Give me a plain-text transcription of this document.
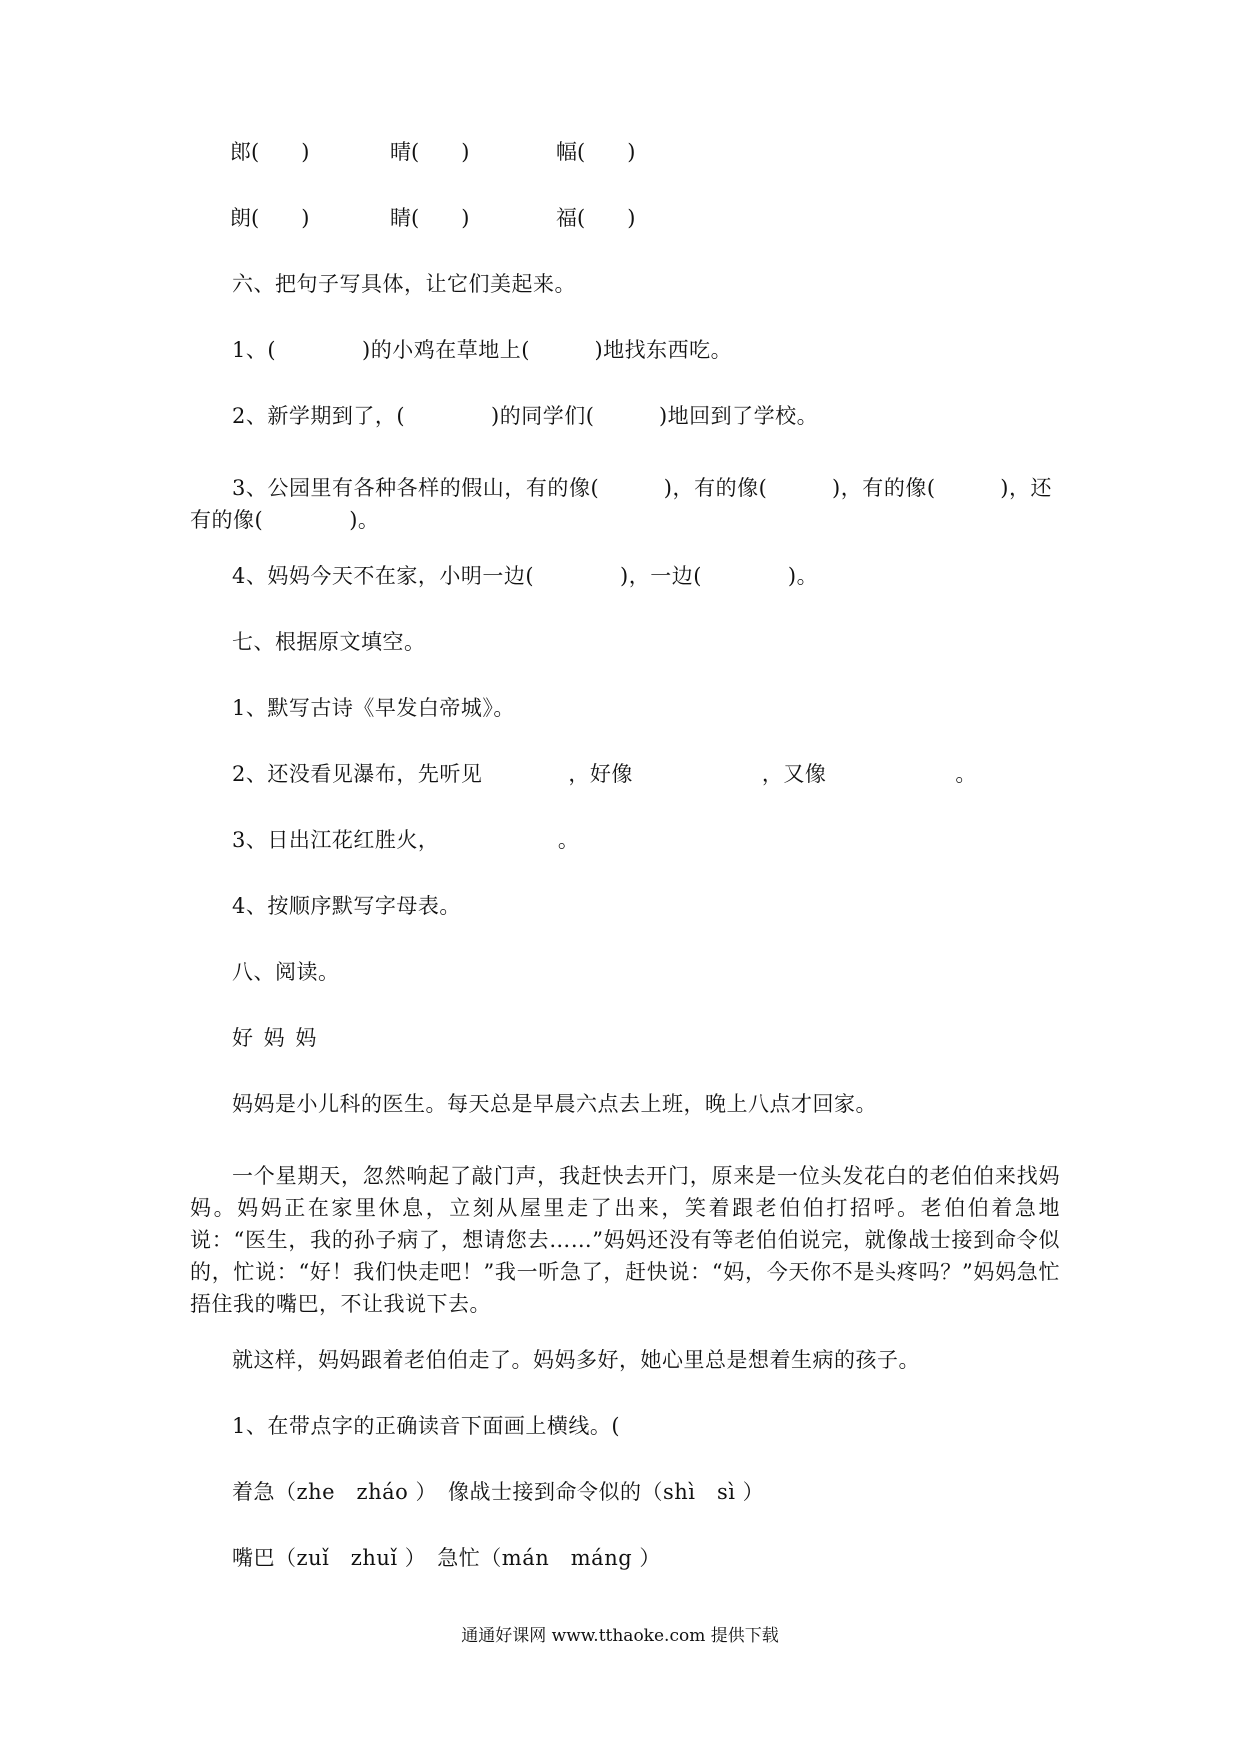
郎(　　)	晴(　　)	幅(　　)
朗(　　)	睛(　　)	福(　　)
六、把句子写具体，让它们美起来。
1、(　　　　)的小鸡在草地上(　　　)地找东西吃。
2、新学期到了，(　　　　)的同学们(　　　)地回到了学校。
3、公园里有各种各样的假山，有的像(　　　)，有的像(　　　)，有的像(　　　)，还有的像(　　　　)。
4、妈妈今天不在家，小明一边(　　　　)，一边(　　　　)。
七、根据原文填空。
1、默写古诗《早发白帝城》。
2、还没看见瀑布，先听见　　　　，好像　　　　　　，又像　　　　　　。
3、日出江花红胜火，　　　　　　。
4、按顺序默写字母表。
八、阅读。
好 妈 妈
妈妈是小儿科的医生。每天总是早晨六点去上班，晚上八点才回家。
一个星期天，忽然响起了敲门声，我赶快去开门，原来是一位头发花白的老伯伯来找妈妈。妈妈正在家里休息，立刻从屋里走了出来，笑着跟老伯伯打招呼。老伯伯着急地说：“医生，我的孙子病了，想请您去……”妈妈还没有等老伯伯说完，就像战士接到命令似的，忙说：“好！我们快走吧！”我一听急了，赶快说：“妈，今天你不是头疼吗？”妈妈急忙捂住我的嘴巴，不让我说下去。
就这样，妈妈跟着老伯伯走了。妈妈多好，她心里总是想着生病的孩子。
1、在带点字的正确读音下面画上横线。(
着急（zhe　zháo ）　像战士接到命令似的（shì　sì ）
嘴巴（zuǐ　zhuǐ ）　急忙（mán　máng ）
通通好课网 www.tthaoke.com 提供下载
